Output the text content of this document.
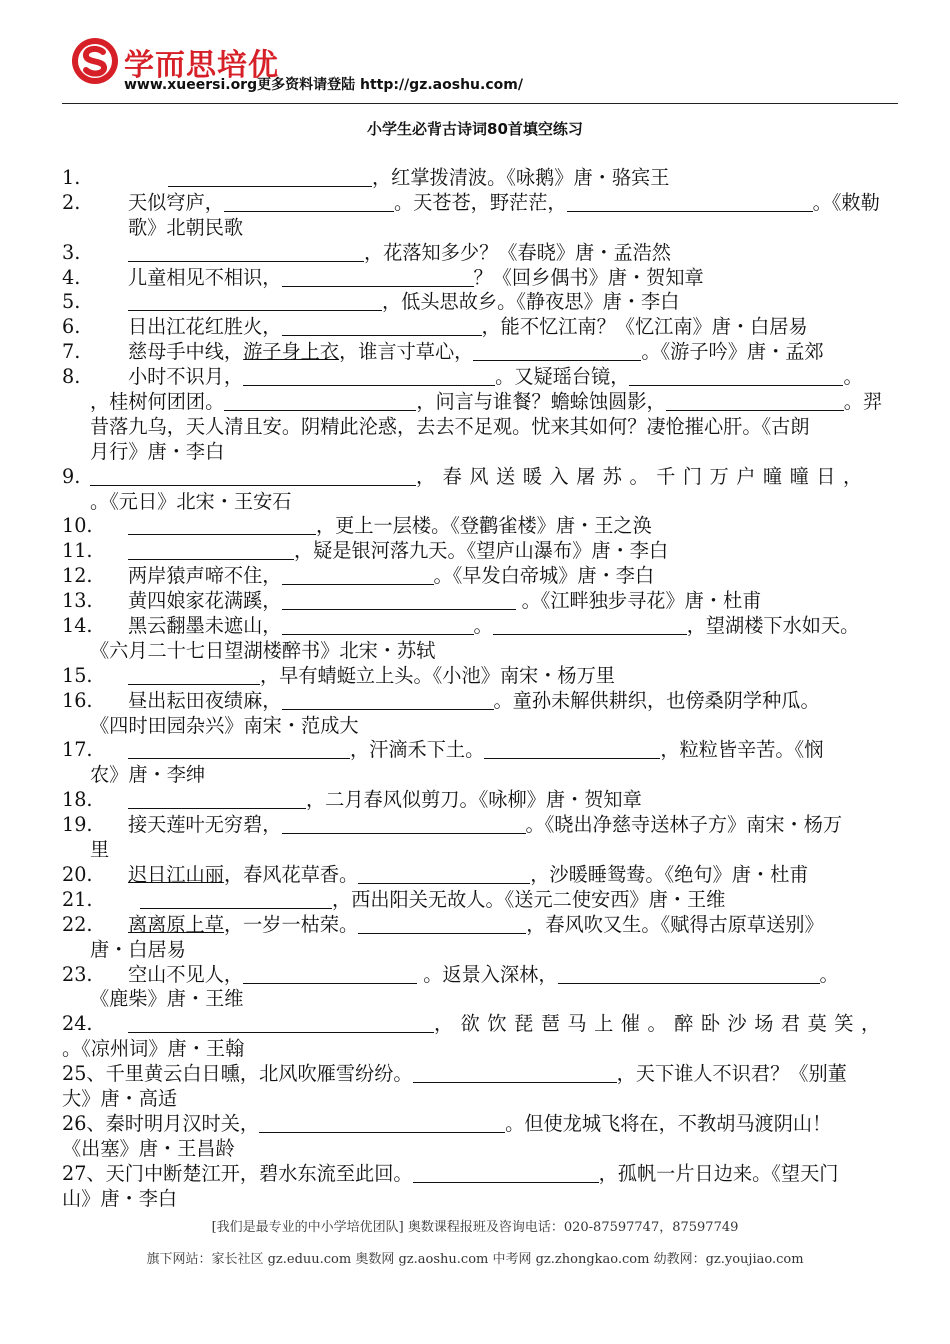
学而思培优
www.xueersi.org更多资料请登陆 http://gz.aoshu.com/
小学生必背古诗词80首填空练习
1.	，红掌拨清波。《咏鹅》唐・骆宾王
2. 天似穹庐，	。天苍苍，野茫茫，	。《敕勒
歌》北朝民歌
3.	，花落知多少？《春晓》唐・孟浩然
4. 儿童相见不相识，	？《回乡偶书》唐・贺知章
5.	，低头思故乡。《静夜思》唐・李白
6. 日出江花红胜火，	，能不忆江南？《忆江南》唐・白居易
7. 慈母手中线，游子身上衣，谁言寸草心，	。《游子吟》唐・孟郊
8. 小时不识月，	。又疑瑶台镜，	。
，桂树何团团。	，问言与谁餐？蟾蜍蚀圆影，	。羿
昔落九乌，天人清且安。阴精此沦惑，去去不足观。忧来其如何？凄怆摧心肝。《古朗
月行》唐・李白
9.	，春风送暖入屠苏。千门万户曈曈日，
。《元日》北宋・王安石
10.	，更上一层楼。《登鹳雀楼》唐・王之涣
11.	，疑是银河落九天。《望庐山瀑布》唐・李白
12. 两岸猿声啼不住，	。《早发白帝城》唐・李白
13. 黄四娘家花满蹊，	。《江畔独步寻花》唐・杜甫
14. 黑云翻墨未遮山，	。	，望湖楼下水如天。
《六月二十七日望湖楼醉书》北宋・苏轼
15.	，早有蜻蜓立上头。《小池》南宋・杨万里
16. 昼出耘田夜绩麻，	。童孙未解供耕织，也傍桑阴学种瓜。
《四时田园杂兴》南宋・范成大
17.	，汗滴禾下土。	，粒粒皆辛苦。《悯
农》唐・李绅
18.	，二月春风似剪刀。《咏柳》唐・贺知章
19. 接天莲叶无穷碧，	。《晓出净慈寺送林子方》南宋・杨万
里
20. 迟日江山丽，春风花草香。	，沙暖睡鸳鸯。《绝句》唐・杜甫
21.	，西出阳关无故人。《送元二使安西》唐・王维
22. 离离原上草，一岁一枯荣。	，春风吹又生。《赋得古原草送别》
唐・白居易
23. 空山不见人，	。返景入深林，	。
《鹿柴》唐・王维
24.	，欲饮琵琶马上催。醉卧沙场君莫笑，
。《凉州词》唐・王翰
25、千里黄云白日曛，北风吹雁雪纷纷。	，天下谁人不识君？《别董
大》唐・高适
26、秦时明月汉时关，	。但使龙城飞将在，不教胡马渡阴山！
《出塞》唐・王昌龄
27、天门中断楚江开，碧水东流至此回。	，孤帆一片日边来。《望天门
山》唐・李白
[我们是最专业的中小学培优团队] 奥数课程报班及咨询电话：020-87597747，87597749
旗下网站：家长社区 gz.eduu.com 奥数网 gz.aoshu.com 中考网 gz.zhongkao.com 幼教网：gz.youjiao.com
